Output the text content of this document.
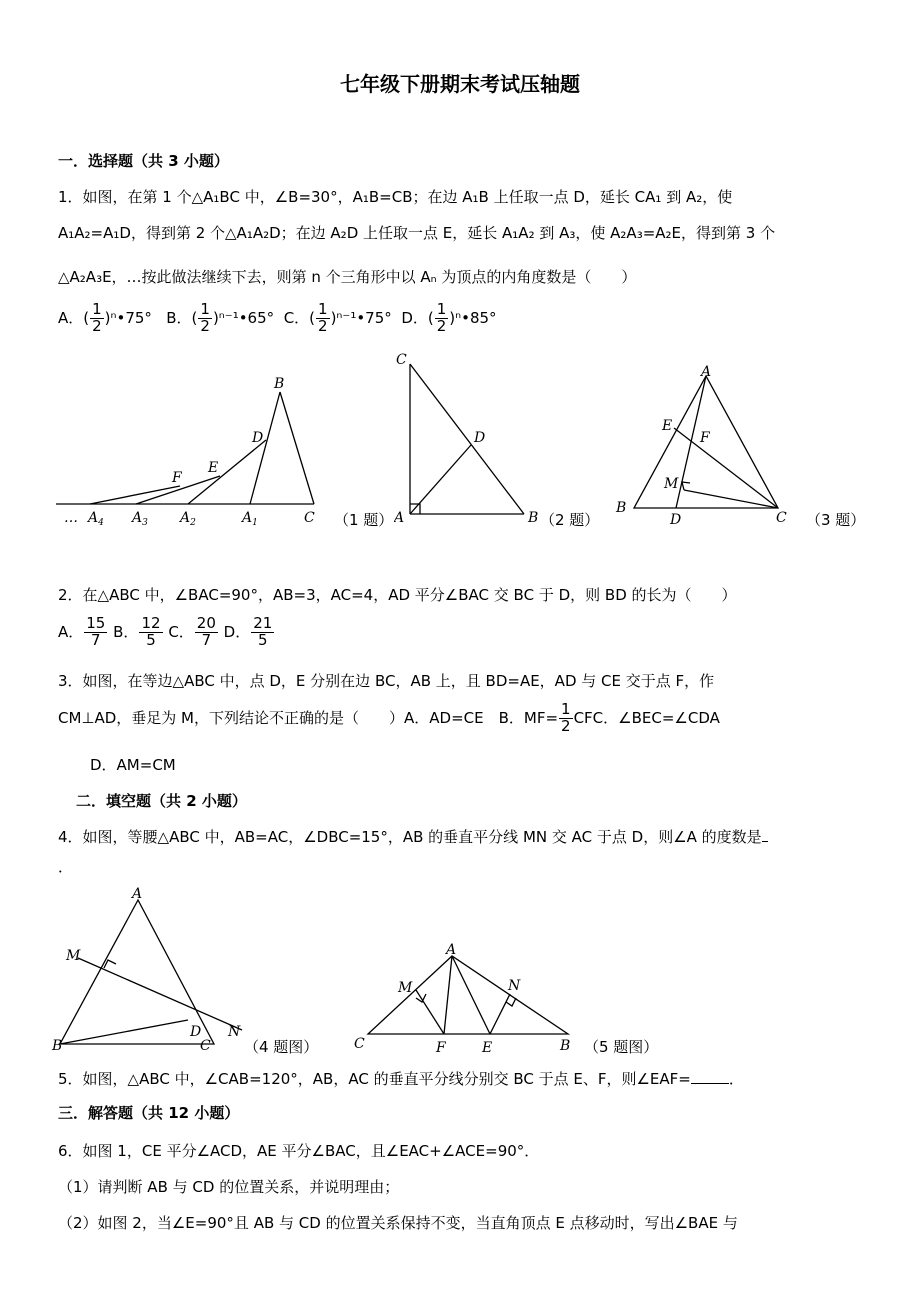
七年级下册期末考试压轴题
一．选择题（共 3 小题）
1．如图，在第 1 个△A₁BC 中，∠B=30°，A₁B=CB；在边 A₁B 上任取一点 D，延长 CA₁ 到 A₂，使
A₁A₂=A₁D，得到第 2 个△A₁A₂D；在边 A₂D 上任取一点 E，延长 A₁A₂ 到 A₃，使 A₂A₃=A₂E，得到第 3 个
△A₂A₃E，…按此做法继续下去，则第 n 个三角形中以 Aₙ 为顶点的内角度数是（　　）
A．( $\frac{1}{2}$ )ⁿ•75° B．( $\frac{1}{2}$ )ⁿ⁻¹•65° C．( $\frac{1}{2}$ )ⁿ⁻¹•75° D．( $\frac{1}{2}$ )ⁿ•85°
B
D
E
F
… $A_4$ $A_3$ $A_2$	$A_1$	C （1 题）
C
D
B （2 题）
A
A
E
F
M
B
D	C （3 题）
2．在△ABC 中，∠BAC=90°，AB=3，AC=4，AD 平分∠BAC 交 BC 于 D，则 BD 的长为（　　）
A． $\frac{15}{7}$ B． $\frac{12}{5}$ C． $\frac{20}{7}$ D． $\frac{21}{5}$
3．如图，在等边△ABC 中，点 D，E 分别在边 BC，AB 上，且 BD=AE，AD 与 CE 交于点 F，作
CM⊥AD，垂足为 M，下列结论不正确的是（　　）A．AD=CE　B．$MF= \frac{1}{2}$ CFC．∠BEC=∠CDA
D．AM=CM
二．填空题（共 2 小题）
4．如图，等腰△ABC 中，AB=AC，∠DBC=15°，AB 的垂直平分线 MN 交 AC 于点 D，则∠A 的度数是
．
A
M
D N
B	C （4 题图）
A
M	N
C	F	E	B （5 题图）
5．如图，△ABC 中，∠CAB=120°，AB，AC 的垂直平分线分别交 BC 于点 E、F，则∠EAF=	．
三．解答题（共 12 小题）
6．如图 1，CE 平分∠ACD，AE 平分∠BAC，且∠EAC+∠ACE=90°．
（1）请判断 AB 与 CD 的位置关系，并说明理由；
（2）如图 2，当∠E=90°且 AB 与 CD 的位置关系保持不变，当直角顶点 E 点移动时，写出∠BAE 与
